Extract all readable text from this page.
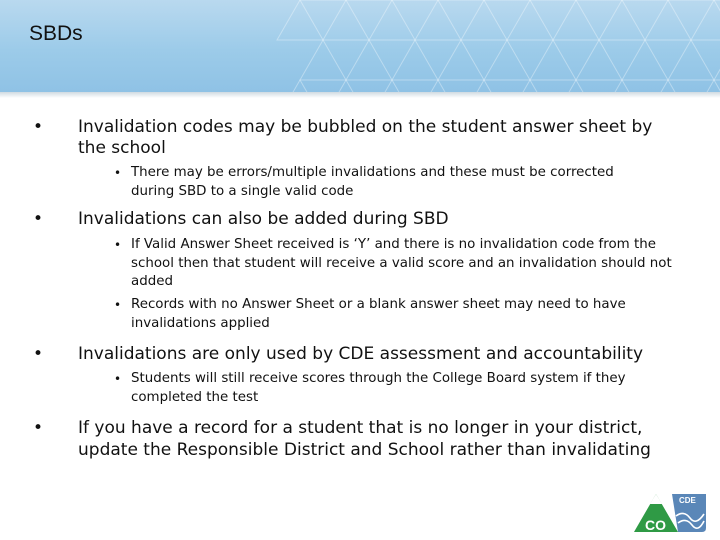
SBDs
• Invalidation codes may be bubbled on the student answer sheet by the school
• There may be errors/multiple invalidations and these must be corrected during SBD to a single valid code
• Invalidations can also be added during SBD
• If Valid Answer Sheet received is ‘Y’ and there is no invalidation code from the school then that student will receive a valid score and an invalidation should not added
• Records with no Answer Sheet or a blank answer sheet may need to have invalidations applied
• Invalidations are only used by CDE assessment and accountability
• Students will still receive scores through the College Board system if they completed the test
• If you have a record for a student that is no longer in your district, update the Responsible District and School rather than invalidating
CDE
CO
